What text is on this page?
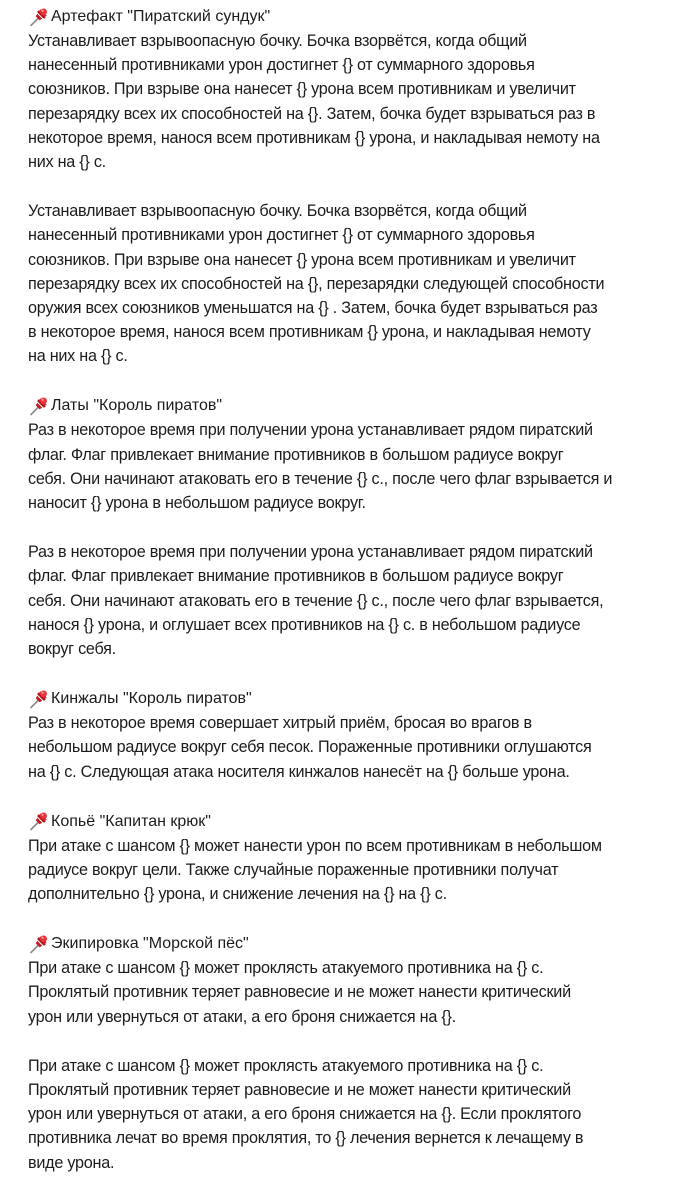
Артефакт "Пиратский сундук"

Устанавливает взрывоопасную бочку. Бочка взорвётся, когда общий
нанесенный противниками урон достигнет {} от суммарного здоровья
союзников. При взрыве она нанесет {} урона всем противникам и увеличит
перезарядку всех их способностей на {}. Затем, бочка будет взрываться раз в
некоторое время, нанося всем противникам {} урона, и накладывая немоту на
них на {} с.

Устанавливает взрывоопасную бочку. Бочка взорвётся, когда общий
нанесенный противниками урон достигнет {} от суммарного здоровья
союзников. При взрыве она нанесет {} урона всем противникам и увеличит
перезарядку всех их способностей на {}, перезарядки следующей способности
оружия всех союзников уменьшатся на {} . Затем, бочка будет взрываться раз
в некоторое время, нанося всем противникам {} урона, и накладывая немоту
на них на {} с.

Латы "Король пиратов"

Раз в некоторое время при получении урона устанавливает рядом пиратский
флаг. Флаг привлекает внимание противников в большом радиусе вокруг
себя. Они начинают атаковать его в течение {} с., после чего флаг взрывается и
наносит {} урона в небольшом радиусе вокруг.

Раз в некоторое время при получении урона устанавливает рядом пиратский
флаг. Флаг привлекает внимание противников в большом радиусе вокруг
себя. Они начинают атаковать его в течение {} с., после чего флаг взрывается,
нанося {} урона, и оглушает всех противников на {} с. в небольшом радиусе
вокруг себя.

Кинжалы "Король пиратов"

Раз в некоторое время совершает хитрый приём, бросая во врагов в
небольшом радиусе вокруг себя песок. Пораженные противники оглушаются
на {} с. Следующая атака носителя кинжалов нанесёт на {} больше урона.

Копьё "Капитан крюк"

При атаке с шансом {} может нанести урон по всем противникам в небольшом
радиусе вокруг цели. Также случайные пораженные противники получат
дополнительно {} урона, и снижение лечения на {} на {} с.

Экипировка "Морской пёс"

При атаке с шансом {} может проклясть атакуемого противника на {} с.
Проклятый противник теряет равновесие и не может нанести критический
урон или увернуться от атаки, а его броня снижается на {}.

При атаке с шансом {} может проклясть атакуемого противника на {} с.
Проклятый противник теряет равновесие и не может нанести критический
урон или увернуться от атаки, а его броня снижается на {}. Если проклятого
противника лечат во время проклятия, то {} лечения вернется к лечащему в
виде урона.
